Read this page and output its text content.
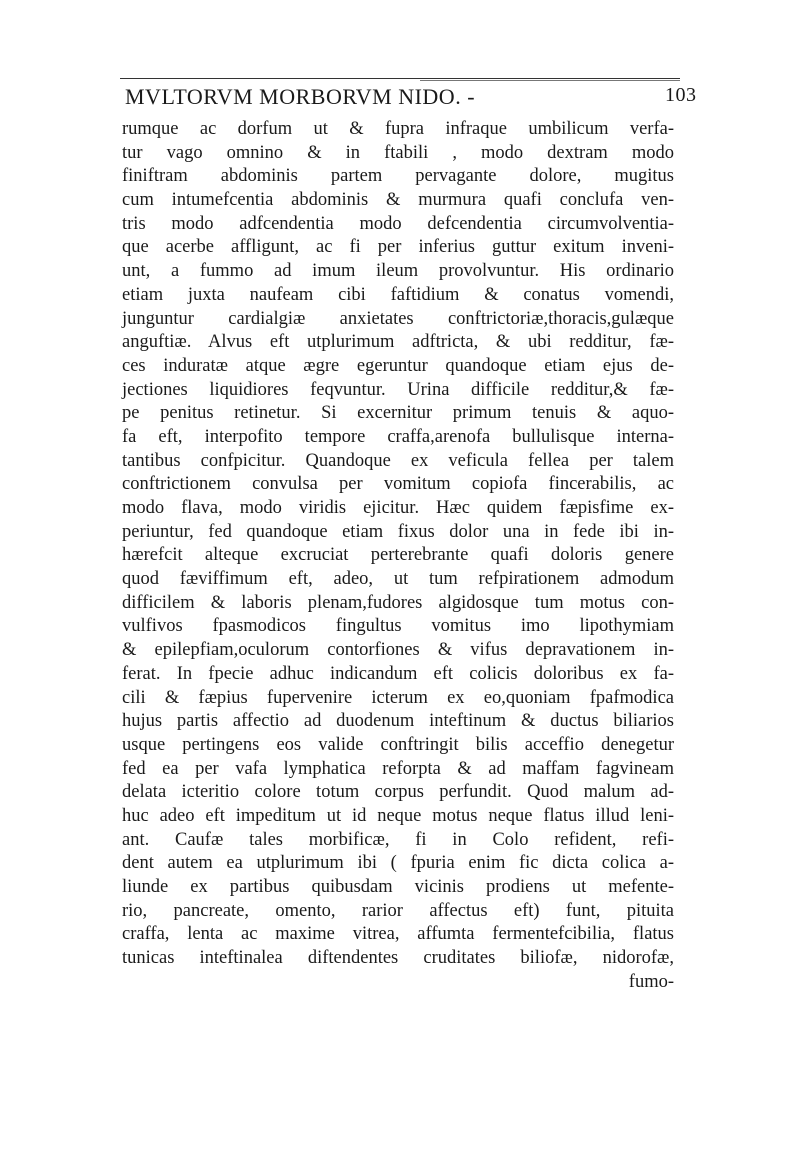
MVLTORVM MORBORVM NIDO. -	103
rumque ac dorfum ut & fupra infraque umbilicum verfa-
tur vago omnino & in ftabili , modo dextram modo
finiftram abdominis partem pervagante dolore, mugitus
cum intumefcentia abdominis & murmura quafi conclufa ven-
tris modo adfcendentia modo defcendentia circumvolventia-
que acerbe affligunt, ac fi per inferius guttur exitum inveni-
unt, a fummo ad imum ileum provolvuntur. His ordinario
etiam juxta naufeam cibi faftidium & conatus vomendi,
junguntur cardialgiæ anxietates conftrictoriæ,thoracis,gulæque
anguftiæ. Alvus eft utplurimum adftricta, & ubi redditur, fæ-
ces induratæ atque ægre egeruntur quandoque etiam ejus de-
jectiones liquidiores feqvuntur. Urina difficile redditur,& fæ-
pe penitus retinetur. Si excernitur primum tenuis & aquo-
fa eft, interpofito tempore craffa,arenofa bullulisque interna-
tantibus confpicitur. Quandoque ex veficula fellea per talem
conftrictionem convulsa per vomitum copiofa fincerabilis, ac
modo flava, modo viridis ejicitur. Hæc quidem fæpisfime ex-
periuntur, fed quandoque etiam fixus dolor una in fede ibi in-
hærefcit alteque excruciat perterebrante quafi doloris genere
quod fæviffimum eft, adeo, ut tum refpirationem admodum
difficilem & laboris plenam,fudores algidosque tum motus con-
vulfivos fpasmodicos fingultus vomitus imo lipothymiam
& epilepfiam,oculorum contorfiones & vifus depravationem in-
ferat. In fpecie adhuc indicandum eft colicis doloribus ex fa-
cili & fæpius fupervenire icterum ex eo,quoniam fpafmodica
hujus partis affectio ad duodenum inteftinum & ductus biliarios
usque pertingens eos valide conftringit bilis acceffio denegetur
fed ea per vafa lymphatica reforpta & ad maffam fagvineam
delata icteritio colore totum corpus perfundit. Quod malum ad-
huc adeo eft impeditum ut id neque motus neque flatus illud leni-
ant. Caufæ tales morbificæ, fi in Colo refident, refi-
dent autem ea utplurimum ibi ( fpuria enim fic dicta colica a-
liunde ex partibus quibusdam vicinis prodiens ut mefente-
rio, pancreate, omento, rarior affectus eft) funt, pituita
craffa, lenta ac maxime vitrea, affumta fermentefcibilia, flatus
tunicas inteftinalea diftendentes cruditates biliofæ, nidorofæ,
fumo-
